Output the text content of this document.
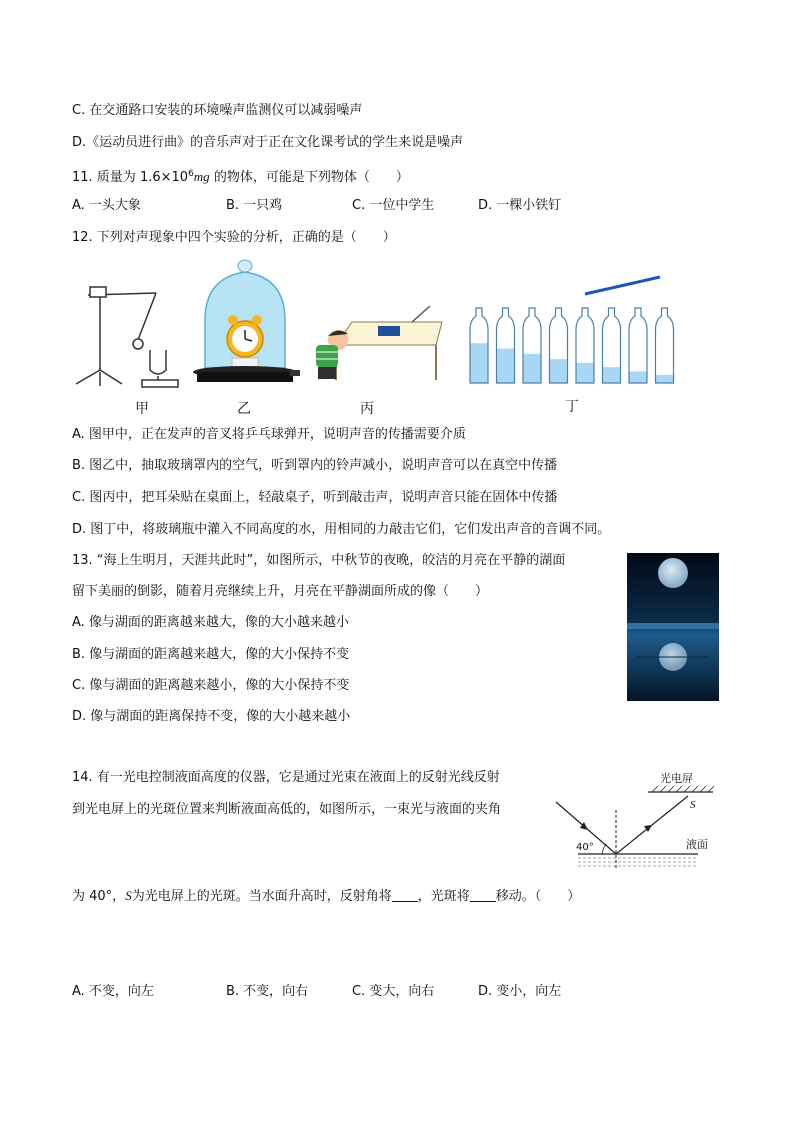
C. 在交通路口安装的环境噪声监测仪可以减弱噪声
D.《运动员进行曲》的音乐声对于正在文化课考试的学生来说是噪声
11. 质量为 $1.6\times 10^6mg$ 的物体，可能是下列物体（　　）
A. 一头大象	B. 一只鸡	C. 一位中学生	D. 一棵小铁钉
12. 下列对声现象中四个实验的分析，正确的是（　　）
甲	乙	丙	丁
A. 图甲中，正在发声的音叉将乒乓球弹开，说明声音的传播需要介质
B. 图乙中，抽取玻璃罩内的空气，听到罩内的铃声减小，说明声音可以在真空中传播
C. 图丙中，把耳朵贴在桌面上，轻敲桌子，听到敲击声，说明声音只能在固体中传播
D. 图丁中，将玻璃瓶中灌入不同高度的水，用相同的力敲击它们，它们发出声音的音调不同。
13. “海上生明月，天涯共此时”，如图所示，中秋节的夜晚，皎洁的月亮在平静的湖面
留下美丽的倒影，随着月亮继续上升，月亮在平静湖面所成的像（　　）
A. 像与湖面的距离越来越大，像的大小越来越小
B. 像与湖面的距离越来越大，像的大小保持不变
C. 像与湖面的距离越来越小，像的大小保持不变
D. 像与湖面的距离保持不变，像的大小越来越小
14. 有一光电控制液面高度的仪器，它是通过光束在液面上的反射光线反射
到光电屏上的光斑位置来判断液面高低的，如图所示，一束光与液面的夹角
为 40°，S为光电屏上的光斑。当水面升高时，反射角将 ，光斑将 移动。（　　）
光电屏
S
液面
40°
A. 不变，向左	B. 不变，向右	C. 变大，向右	D. 变小，向左
